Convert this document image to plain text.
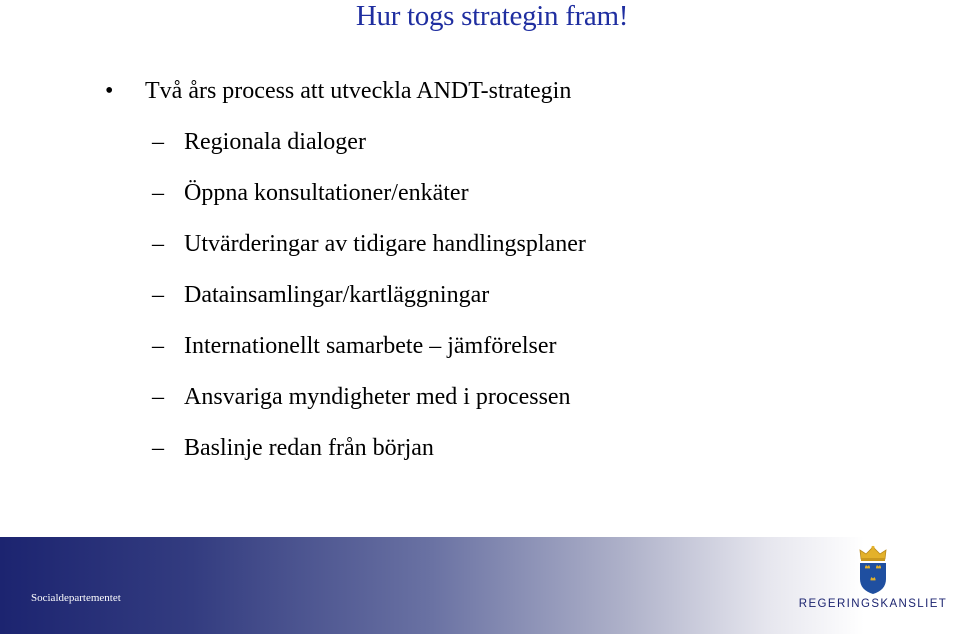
Hur togs strategin fram!
• Två års process att utveckla ANDT-strategin
– Regionala dialoger
– Öppna konsultationer/enkäter
– Utvärderingar av tidigare handlingsplaner
– Datainsamlingar/kartläggningar
– Internationellt samarbete – jämförelser
– Ansvariga myndigheter med i processen
– Baslinje redan från början
Socialdepartementet	REGERINGSKANSLIET
